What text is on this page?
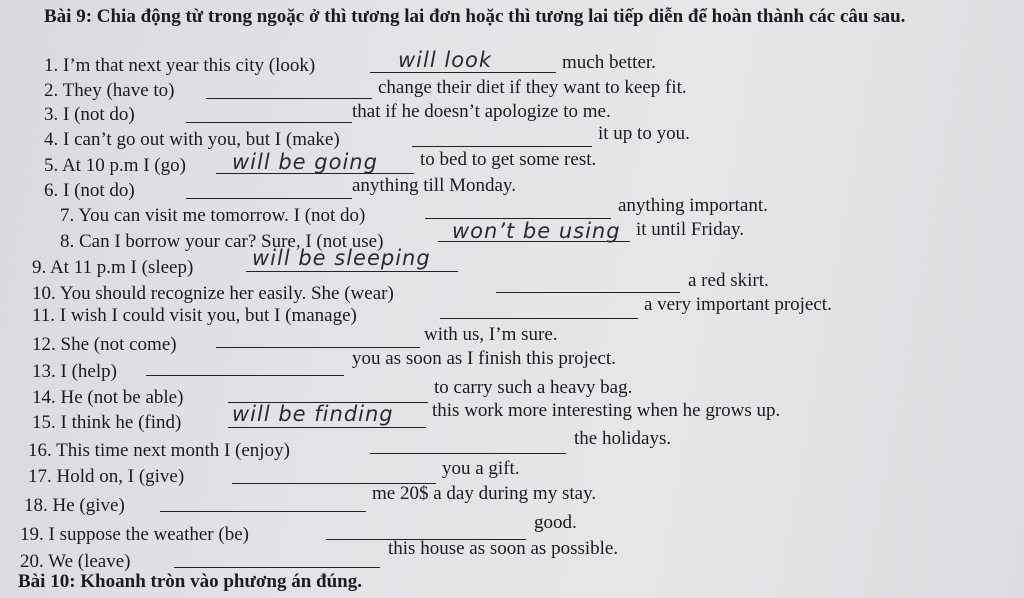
Bài 9: Chia động từ trong ngoặc ở thì tương lai đơn hoặc thì tương lai tiếp diễn để hoàn thành các câu sau.
1. I’m that next year this city (look)	will look	much better.
2. They (have to)	change their diet if they want to keep fit.
3. I (not do)	that if he doesn’t apologize to me.
4. I can’t go out with you, but I (make)	it up to you.
5. At 10 p.m I (go) will be going to bed to get some rest.
6. I (not do)	anything till Monday.
7. You can visit me tomorrow. I (not do)	anything important.
8. Can I borrow your car? Sure, I (not use)	won’t be using it until Friday.
9. At 11 p.m I (sleep)	will be sleeping
10. You should recognize her easily. She (wear)
a red skirt.
11. I wish I could visit you, but I (manage)
a very important project.
12. She (not come)	with us, I’m sure.
13. I (help)
you as soon as I finish this project.
14. He (not be able)	to carry such a heavy bag.
15. I think he (find) will be finding this work more interesting when he grows up.
16. This time next month I (enjoy)
the holidays.
17. Hold on, I (give)	you a gift.
18. He (give)
me 20$ a day during my stay.
19. I suppose the weather (be)
good.
20. We (leave)
this house as soon as possible.
Bài 10: Khoanh tròn vào phương án đúng.
